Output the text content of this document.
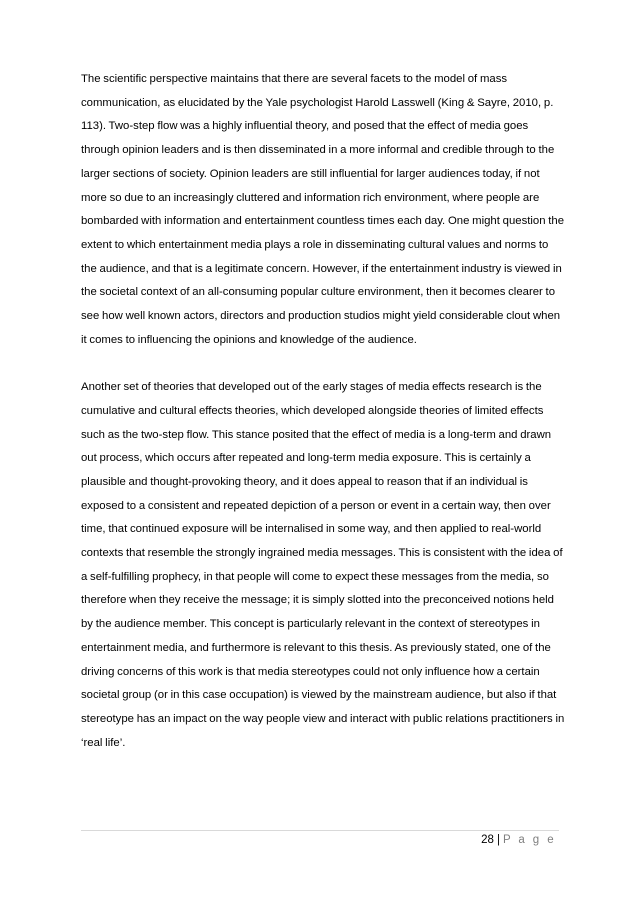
The scientific perspective maintains that there are several facets to the model of mass communication, as elucidated by the Yale psychologist Harold Lasswell (King & Sayre, 2010, p. 113). Two-step flow was a highly influential theory, and posed that the effect of media goes through opinion leaders and is then disseminated in a more informal and credible through to the larger sections of society. Opinion leaders are still influential for larger audiences today, if not more so due to an increasingly cluttered and information rich environment, where people are bombarded with information and entertainment countless times each day. One might question the extent to which entertainment media plays a role in disseminating cultural values and norms to the audience, and that is a legitimate concern. However, if the entertainment industry is viewed in the societal context of an all-consuming popular culture environment, then it becomes clearer to see how well known actors, directors and production studios might yield considerable clout when it comes to influencing the opinions and knowledge of the audience.

Another set of theories that developed out of the early stages of media effects research is the cumulative and cultural effects theories, which developed alongside theories of limited effects such as the two-step flow. This stance posited that the effect of media is a long-term and drawn out process, which occurs after repeated and long-term media exposure. This is certainly a plausible and thought-provoking theory, and it does appeal to reason that if an individual is exposed to a consistent and repeated depiction of a person or event in a certain way, then over time, that continued exposure will be internalised in some way, and then applied to real-world contexts that resemble the strongly ingrained media messages. This is consistent with the idea of a self-fulfilling prophecy, in that people will come to expect these messages from the media, so therefore when they receive the message; it is simply slotted into the preconceived notions held by the audience member. This concept is particularly relevant in the context of stereotypes in entertainment media, and furthermore is relevant to this thesis. As previously stated, one of the driving concerns of this work is that media stereotypes could not only influence how a certain societal group (or in this case occupation) is viewed by the mainstream audience, but also if that stereotype has an impact on the way people view and interact with public relations practitioners in ‘real life’.

28 | P a g e
